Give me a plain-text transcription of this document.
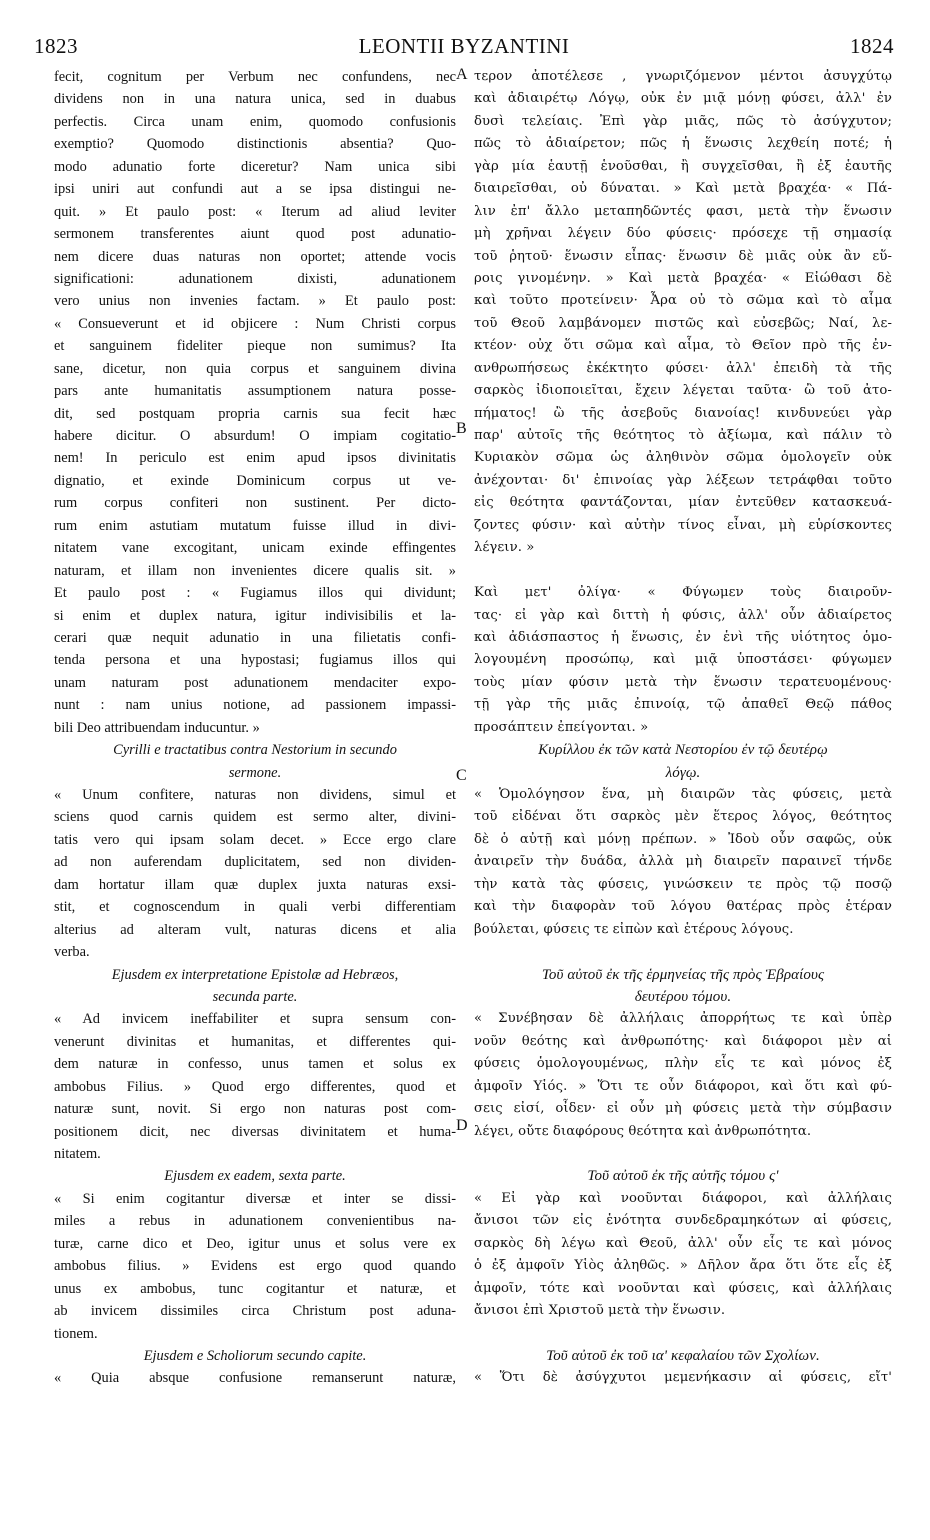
1823	LEONTII BYZANTINI	1824
fecit, cognitum per Verbum nec confundens, nec
dividens non in una natura unica, sed in duabus
perfectis. Circa unam enim, quomodo confusionis
exemptio? Quomodo distinctionis absentia? Quo-
modo adunatio forte diceretur? Nam unica sibi
ipsi uniri aut confundi aut a se ipsa distingui ne-
quit. » Et paulo post: « Iterum ad aliud leviter
sermonem transferentes aiunt quod post adunatio-
nem dicere duas naturas non oportet; attende vocis
significationi: adunationem dixisti, adunationem
vero unius non invenies factam. » Et paulo post:
« Consueverunt et id objicere : Num Christi corpus
et sanguinem fideliter pieque non sumimus? Ita
sane, dicetur, non quia corpus et sanguinem divina
pars ante humanitatis assumptionem natura posse-
dit, sed postquam propria carnis sua fecit hæc
habere dicitur. O absurdum! O impiam cogitatio-
nem! In periculo est enim apud ipsos divinitatis
dignatio, et exinde Dominicum corpus ut ve-
rum corpus confiteri non sustinent. Per dicto-
rum enim astutiam mutatum fuisse illud in divi-
nitatem vane excogitant, unicam exinde effingentes
naturam, et illam non invenientes dicere qualis sit. »
Et paulo post : « Fugiamus illos qui dividunt;
si enim et duplex natura, igitur indivisibilis et la-
cerari quæ nequit adunatio in una filietatis confi-
tenda persona et una hypostasi; fugiamus illos qui
unam naturam post adunationem mendaciter expo-
nunt : nam unius notione, ad passionem impassi-
bili Deo attribuendam inducuntur. »
Cyrilli e tractatibus contra Nestorium in secundo
sermone.
« Unum confitere, naturas non dividens, simul et
sciens quod carnis quidem est sermo alter, divini-
tatis vero qui ipsam solam decet. » Ecce ergo clare
ad non auferendam duplicitatem, sed non dividen-
dam hortatur illam quæ duplex juxta naturas exsi-
stit, et cognoscendum in quali verbi differentiam
alterius ad alteram vult, naturas dicens et alia
verba.
Ejusdem ex interpretatione Epistolæ ad Hebræos,
secunda parte.
« Ad invicem ineffabiliter et supra sensum con-
venerunt divinitas et humanitas, et differentes qui-
dem naturæ in confesso, unus tamen et solus ex
ambobus Filius. » Quod ergo differentes, quod et
naturæ sunt, novit. Si ergo non naturas post com-
positionem dicit, nec diversas divinitatem et huma-
nitatem.
Ejusdem ex eadem, sexta parte.
« Si enim cogitantur diversæ et inter se dissi-
miles a rebus in adunationem convenientibus na-
turæ, carne dico et Deo, igitur unus et solus vere ex
ambobus filius. » Evidens est ergo quod quando
unus ex ambobus, tunc cogitantur et naturæ, et
ab invicem dissimiles circa Christum post aduna-
tionem.
Ejusdem e Scholiorum secundo capite.
« Quia absque confusione remanserunt naturæ,
τερον ἀποτέλεσε , γνωριζόμενον μέντοι ἀσυγχύτῳ
καὶ ἀδιαιρέτῳ Λόγῳ, οὐκ ἐν μιᾷ μόνῃ φύσει, ἀλλ' ἐν
δυσὶ τελείαις. Ἐπὶ γὰρ μιᾶς, πῶς τὸ ἀσύγχυτον;
πῶς τὸ ἀδιαίρετον; πῶς ἡ ἕνωσις λεχθείη ποτέ; ἡ
γὰρ μία ἑαυτῇ ἑνοῦσθαι, ἢ συγχεῖσθαι, ἢ ἐξ ἑαυτῆς
διαιρεῖσθαι, οὐ δύναται. » Καὶ μετὰ βραχέα· « Πά-
λιν ἐπ' ἄλλο μεταπηδῶντές φασι, μετὰ τὴν ἕνωσιν
μὴ χρῆναι λέγειν δύο φύσεις· πρόσεχε τῇ σημασίᾳ
τοῦ ῥητοῦ· ἕνωσιν εἶπας· ἕνωσιν δὲ μιᾶς οὐκ ἂν εὕ-
ροις γινομένην. » Καὶ μετὰ βραχέα· « Εἰώθασι δὲ
καὶ τοῦτο προτείνειν· Ἆρα οὐ τὸ σῶμα καὶ τὸ αἷμα
τοῦ Θεοῦ λαμβάνομεν πιστῶς καὶ εὐσεβῶς; Ναί, λε-
κτέον· οὐχ ὅτι σῶμα καὶ αἷμα, τὸ Θεῖον πρὸ τῆς ἐν-
ανθρωπήσεως ἐκέκτητο φύσει· ἀλλ' ἐπειδὴ τὰ τῆς
σαρκὸς ἰδιοποιεῖται, ἔχειν λέγεται ταῦτα· ὢ τοῦ ἀτο-
πήματος! ὢ τῆς ἀσεβοῦς διανοίας! κινδυνεύει γὰρ
παρ' αὐτοῖς τῆς θεότητος τὸ ἀξίωμα, καὶ πάλιν τὸ
Κυριακὸν σῶμα ὡς ἀληθινὸν σῶμα ὁμολογεῖν οὐκ
ἀνέχονται· δι' ἐπινοίας γὰρ λέξεων τετράφθαι τοῦτο
εἰς θεότητα φαντάζονται, μίαν ἐντεῦθεν κατασκευά-
ζοντες φύσιν· καὶ αὐτὴν τίνος εἶναι, μὴ εὑρίσκοντες
λέγειν. »
Καὶ μετ' ὀλίγα· « Φύγωμεν τοὺς διαιροῦν-
τας· εἰ γὰρ καὶ διττὴ ἡ φύσις, ἀλλ' οὖν ἀδιαίρετος
καὶ ἀδιάσπαστος ἡ ἕνωσις, ἐν ἑνὶ τῆς υἱότητος ὁμο-
λογουμένη προσώπῳ, καὶ μιᾷ ὑποστάσει· φύγωμεν
τοὺς μίαν φύσιν μετὰ τὴν ἕνωσιν τερατευομένους·
τῇ γὰρ τῆς μιᾶς ἐπινοίᾳ, τῷ ἀπαθεῖ Θεῷ πάθος
προσάπτειν ἐπείγονται. »
Κυρίλλου ἐκ τῶν κατὰ Νεστορίου ἐν τῷ δευτέρῳ
λόγῳ.
« Ὁμολόγησον ἕνα, μὴ διαιρῶν τὰς φύσεις, μετὰ
τοῦ εἰδέναι ὅτι σαρκὸς μὲν ἕτερος λόγος, θεότητος
δὲ ὁ αὐτῇ καὶ μόνῃ πρέπων. » Ἰδοὺ οὖν σαφῶς, οὐκ
ἀναιρεῖν τὴν δυάδα, ἀλλὰ μὴ διαιρεῖν παραινεῖ τήνδε
τὴν κατὰ τὰς φύσεις, γινώσκειν τε πρὸς τῷ ποσῷ
καὶ τὴν διαφορὰν τοῦ λόγου θατέρας πρὸς ἑτέραν
βούλεται, φύσεις τε εἰπὼν καὶ ἑτέρους λόγους.
Τοῦ αὐτοῦ ἐκ τῆς ἑρμηνείας τῆς πρὸς Ἑβραίους
δευτέρου τόμου.
« Συνέβησαν δὲ ἀλλήλαις ἀπορρήτως τε καὶ ὑπὲρ
νοῦν θεότης καὶ ἀνθρωπότης· καὶ διάφοροι μὲν αἱ
φύσεις ὁμολογουμένως, πλὴν εἷς τε καὶ μόνος ἐξ
ἀμφοῖν Υἱός. » Ὅτι τε οὖν διάφοροι, καὶ ὅτι καὶ φύ-
σεις εἰσί, οἶδεν· εἰ οὖν μὴ φύσεις μετὰ τὴν σύμβασιν
λέγει, οὔτε διαφόρους θεότητα καὶ ἀνθρωπότητα.
Τοῦ αὐτοῦ ἐκ τῆς αὐτῆς τόμου ς'
« Εἰ γὰρ καὶ νοοῦνται διάφοροι, καὶ ἀλλήλαις
ἄνισοι τῶν εἰς ἑνότητα συνδεδραμηκότων αἱ φύσεις,
σαρκὸς δὴ λέγω καὶ Θεοῦ, ἀλλ' οὖν εἷς τε καὶ μόνος
ὁ ἐξ ἀμφοῖν Υἱὸς ἀληθῶς. » Δῆλον ἄρα ὅτι ὅτε εἷς ἐξ
ἀμφοῖν, τότε καὶ νοοῦνται καὶ φύσεις, καὶ ἀλλήλαις
ἄνισοι ἐπὶ Χριστοῦ μετὰ τὴν ἕνωσιν.
Τοῦ αὐτοῦ ἐκ τοῦ ια' κεφαλαίου τῶν Σχολίων.
« Ὅτι δὲ ἀσύγχυτοι μεμενήκασιν αἱ φύσεις, εἴτ'
A
B
C
D
